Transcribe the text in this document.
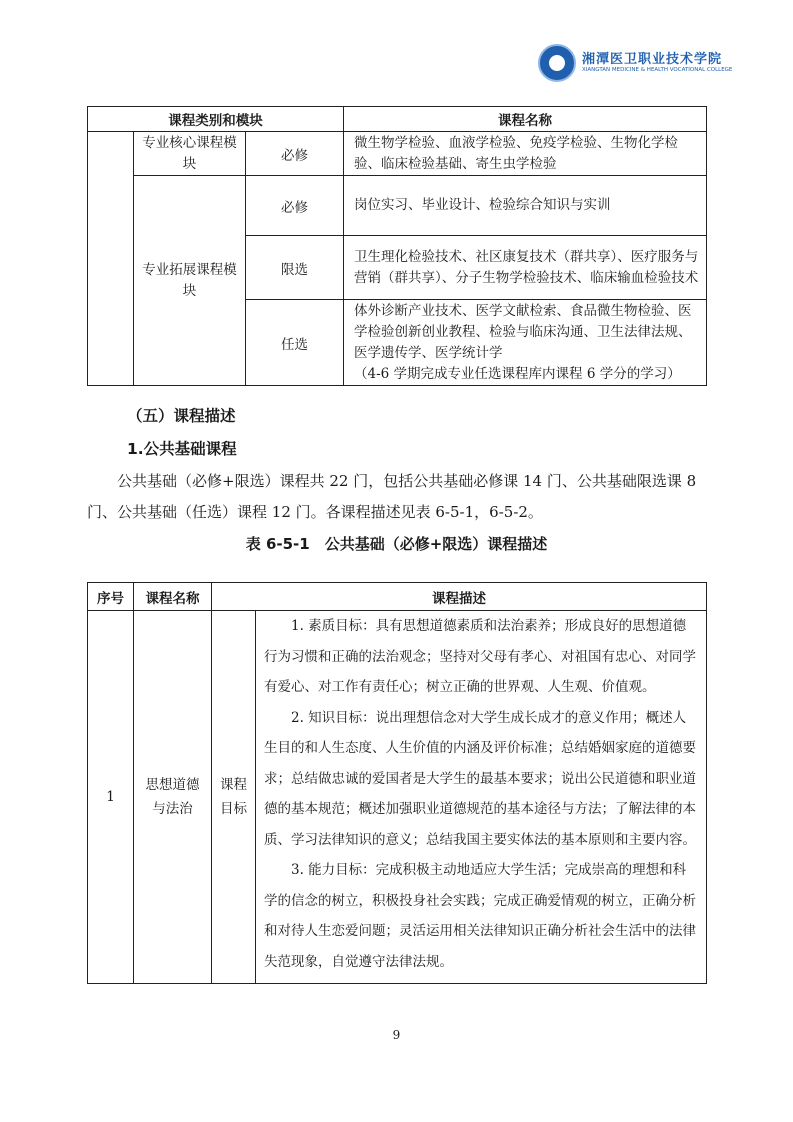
湘潭医卫职业技术学院
XIANGTAN MEDICINE & HEALTH VOCATIONAL COLLEGE
课程类别和模块			课程名称
	专业核心课程模块	必修	微生物学检验、血液学检验、免疫学检验、生物化学检验、临床检验基础、寄生虫学检验
	专业拓展课程模块	必修	岗位实习、毕业设计、检验综合知识与实训
		限选	卫生理化检验技术、社区康复技术（群共享）、医疗服务与营销（群共享）、分子生物学检验技术、临床输血检验技术
		任选	体外诊断产业技术、医学文献检索、食品微生物检验、医学检验创新创业教程、检验与临床沟通、卫生法律法规、医学遗传学、医学统计学
（4-6 学期完成专业任选课程库内课程 6 学分的学习）
（五）课程描述
1.公共基础课程

公共基础（必修+限选）课程共 22 门，包括公共基础必修课 14 门、公共基础限选课 8 门、公共基础（任选）课程 12 门。各课程描述见表 6-5-1，6-5-2。

表 6-5-1　公共基础（必修+限选）课程描述
序号	课程名称	课程描述	
1	思想道德与法治	课程目标	1. 素质目标：具有思想道德素质和法治素养；形成良好的思想道德行为习惯和正确的法治观念；坚持对父母有孝心、对祖国有忠心、对同学有爱心、对工作有责任心；树立正确的世界观、人生观、价值观。

2. 知识目标：说出理想信念对大学生成长成才的意义作用；概述人生目的和人生态度、人生价值的内涵及评价标准；总结婚姻家庭的道德要求；总结做忠诚的爱国者是大学生的最基本要求；说出公民道德和职业道德的基本规范；概述加强职业道德规范的基本途径与方法；了解法律的本质、学习法律知识的意义；总结我国主要实体法的基本原则和主要内容。

3. 能力目标：完成积极主动地适应大学生活；完成崇高的理想和科学的信念的树立，积极投身社会实践；完成正确爱情观的树立，正确分析和对待人生恋爱问题；灵活运用相关法律知识正确分析社会生活中的法律失范现象，自觉遵守法律法规。

9
